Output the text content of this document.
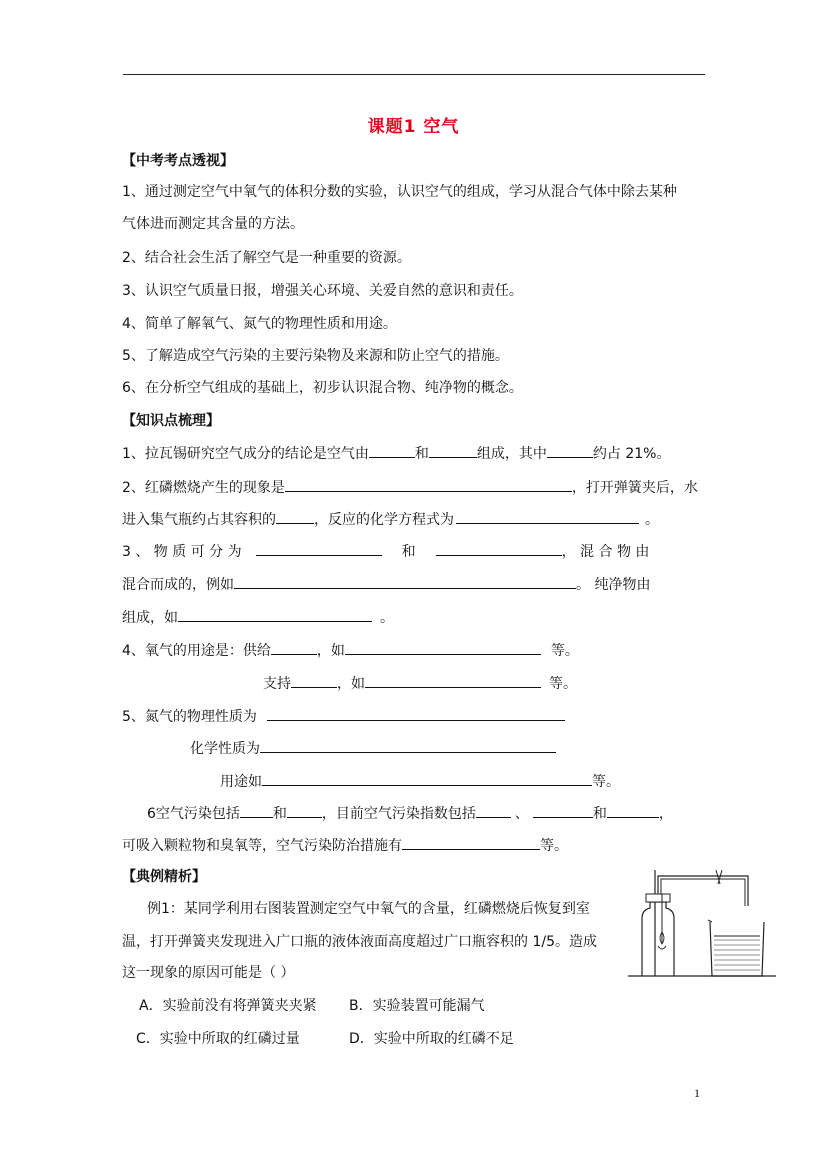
课题1 空气
【中考考点透视】
1、通过测定空气中氧气的体积分数的实验，认识空气的组成，学习从混合气体中除去某种
气体进而测定其含量的方法。
2、结合社会生活了解空气是一种重要的资源。
3、认识空气质量日报，增强关心环境、关爱自然的意识和责任。
4、简单了解氧气、氮气的物理性质和用途。
5、了解造成空气污染的主要污染物及来源和防止空气的措施。
6、在分析空气组成的基础上，初步认识混合物、纯净物的概念。
【知识点梳理】
1、拉瓦锡研究空气成分的结论是空气由	和	组成，其中	约占 21%。
2、红磷燃烧产生的现象是	，打开弹簧夹后，水
进入集气瓶约占其容积的	，反应的化学方程式为	。
3 、 物 质 可 分 为	和	， 混 合 物 由
混合而成的，例如	。 纯净物由
组成，如	。
4、氧气的用途是：供给	，如	等。
支持	，如	等。
5、氮气的物理性质为
化学性质为
用途如	等。
6空气污染包括 和	，目前空气污染指数包括	、	和	，
可吸入颗粒物和臭氧等，空气污染防治措施有	等。
【典例精析】
例1：某同学利用右图装置测定空气中氧气的含量，红磷燃烧后恢复到室
温，打开弹簧夹发现进入广口瓶的液体液面高度超过广口瓶容积的 1/5。造成
这一现象的原因可能是（ ）
A．实验前没有将弹簧夹夹紧 B．实验装置可能漏气
C．实验中所取的红磷过量	D．实验中所取的红磷不足
1
